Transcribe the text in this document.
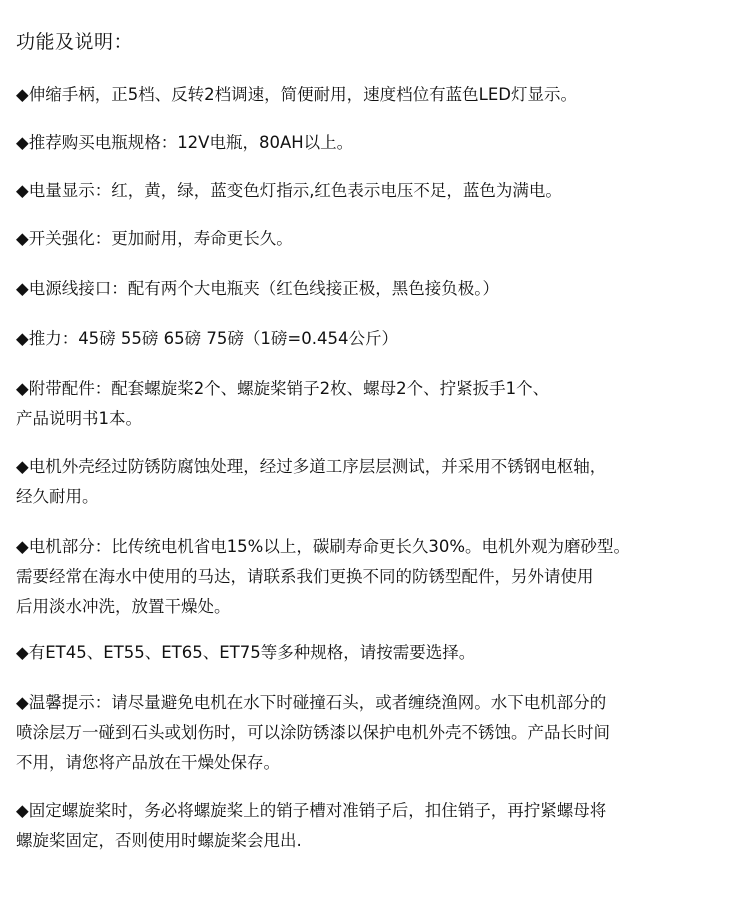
功能及说明：

◆伸缩手柄，正5档、反转2档调速，简便耐用，速度档位有蓝色LED灯显示。

◆推荐购买电瓶规格：12V电瓶，80AH以上。

◆电量显示：红，黄，绿，蓝变色灯指示,红色表示电压不足，蓝色为满电。

◆开关强化：更加耐用，寿命更长久。

◆电源线接口：配有两个大电瓶夹（红色线接正极，黑色接负极。）

◆推力：45磅 55磅 65磅 75磅（1磅=0.454公斤）

◆附带配件：配套螺旋桨2个、螺旋桨销子2枚、螺母2个、拧紧扳手1个、
产品说明书1本。

◆电机外壳经过防锈防腐蚀处理，经过多道工序层层测试，并采用不锈钢电枢轴，
经久耐用。

◆电机部分：比传统电机省电15%以上，碳刷寿命更长久30%。电机外观为磨砂型。
需要经常在海水中使用的马达，请联系我们更换不同的防锈型配件，另外请使用
后用淡水冲洗，放置干燥处。

◆有ET45、ET55、ET65、ET75等多种规格，请按需要选择。

◆温馨提示：请尽量避免电机在水下时碰撞石头，或者缠绕渔网。水下电机部分的
喷涂层万一碰到石头或划伤时，可以涂防锈漆以保护电机外壳不锈蚀。产品长时间
不用，请您将产品放在干燥处保存。

◆固定螺旋桨时，务必将螺旋桨上的销子槽对准销子后，扣住销子，再拧紧螺母将
螺旋桨固定，否则使用时螺旋桨会甩出.
